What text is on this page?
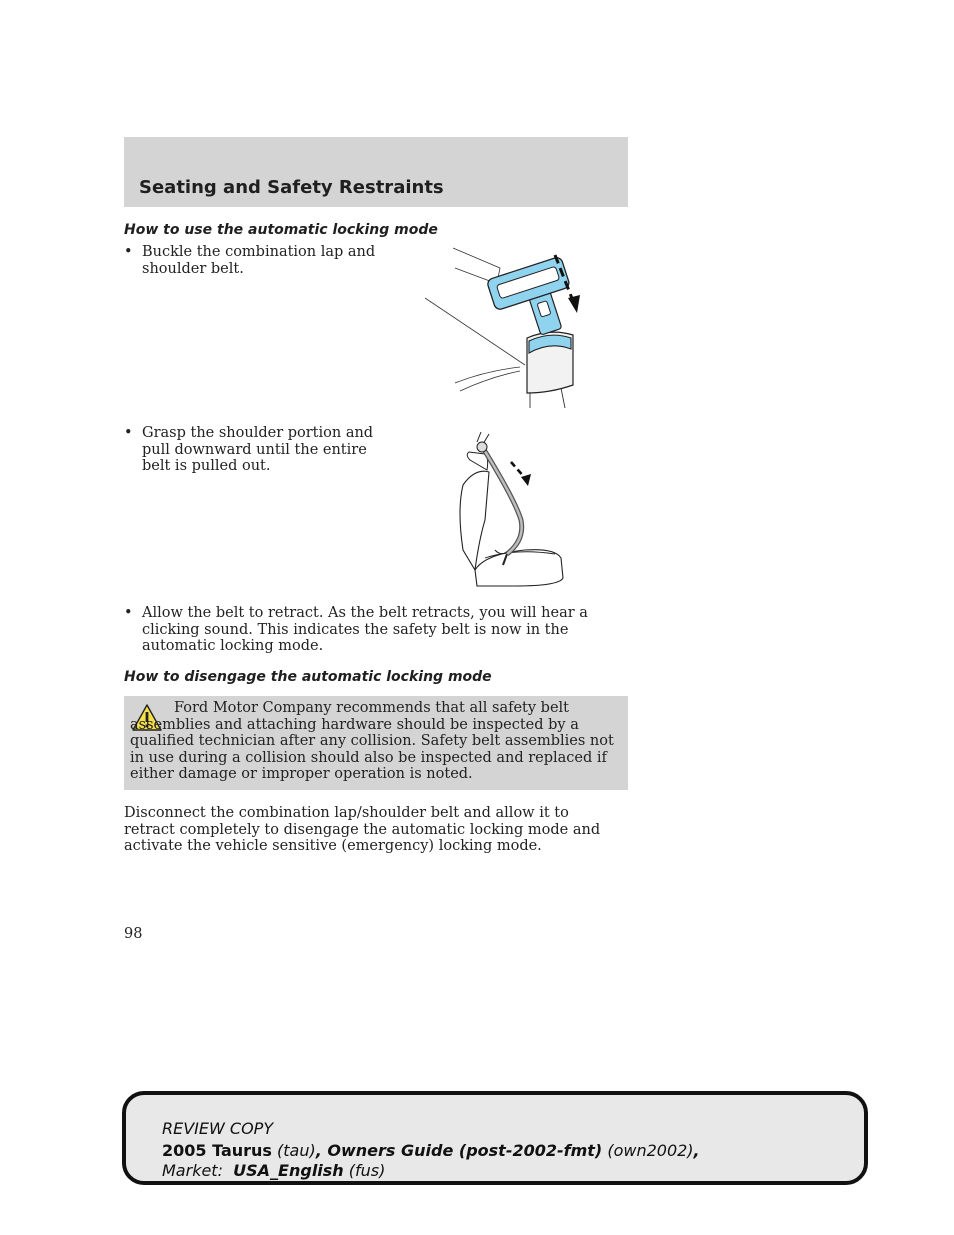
Seating and Safety Restraints
How to use the automatic locking mode
• Buckle the combination lap and shoulder belt.
• Grasp the shoulder portion and pull downward until the entire belt is pulled out.
• Allow the belt to retract. As the belt retracts, you will hear a clicking sound. This indicates the safety belt is now in the automatic locking mode.
How to disengage the automatic locking mode
Ford Motor Company recommends that all safety belt assemblies and attaching hardware should be inspected by a qualified technician after any collision. Safety belt assemblies not in use during a collision should also be inspected and replaced if either damage or improper operation is noted.
Disconnect the combination lap/shoulder belt and allow it to retract completely to disengage the automatic locking mode and activate the vehicle sensitive (emergency) locking mode.
98
REVIEW COPY
2005 Taurus (tau), Owners Guide (post-2002-fmt) (own2002),
Market: USA_English (fus)
